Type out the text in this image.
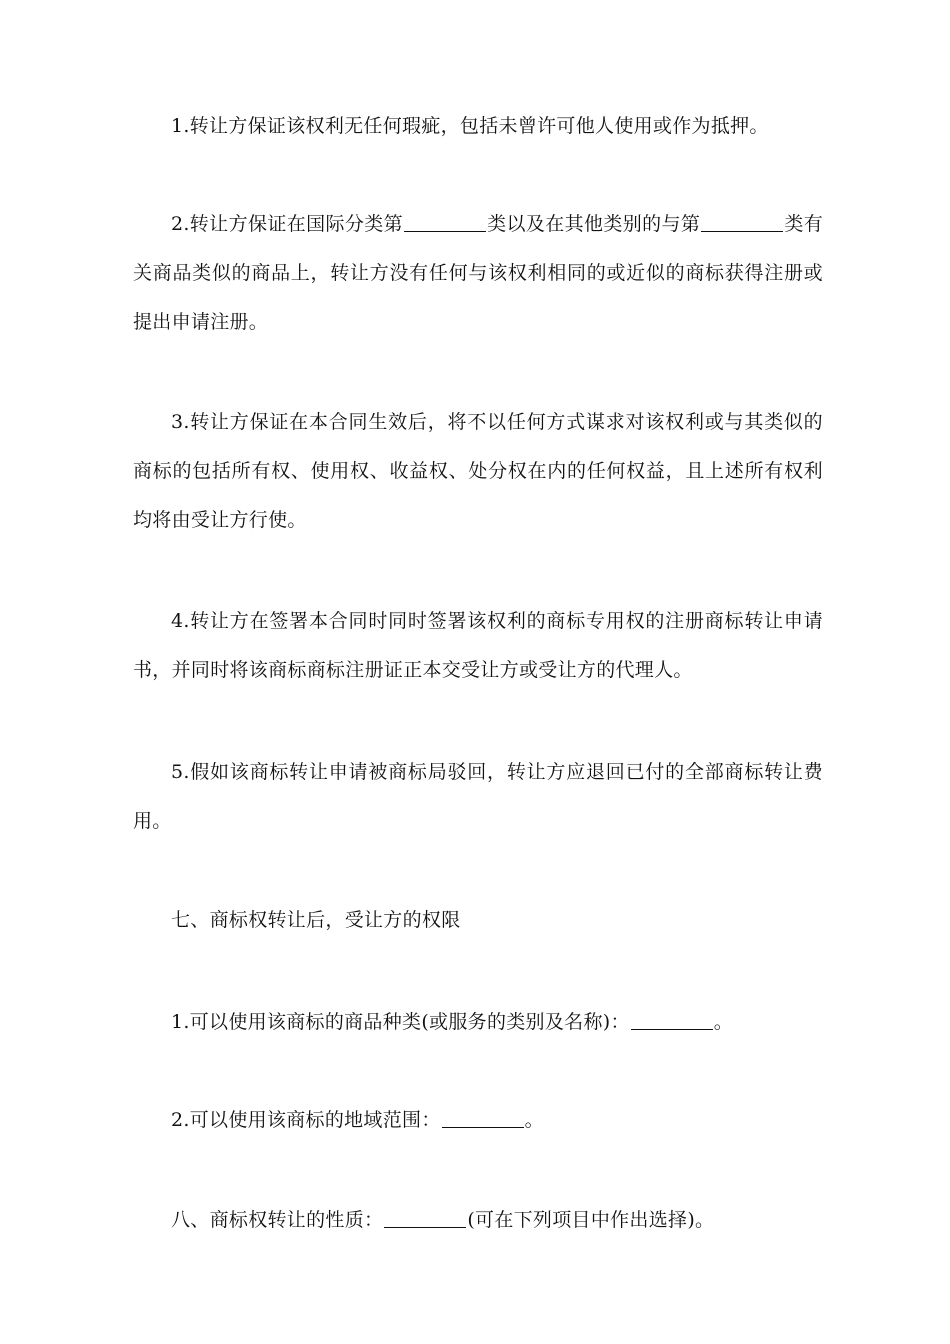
1.转让方保证该权利无任何瑕疵，包括未曾许可他人使用或作为抵押。

2.转让方保证在国际分类第	类以及在其他类别的与第	类有关商品类似的商品上，转让方没有任何与该权利相同的或近似的商标获得注册或提出申请注册。

3.转让方保证在本合同生效后，将不以任何方式谋求对该权利或与其类似的商标的包括所有权、使用权、收益权、处分权在内的任何权益，且上述所有权利均将由受让方行使。

4.转让方在签署本合同时同时签署该权利的商标专用权的注册商标转让申请书，并同时将该商标商标注册证正本交受让方或受让方的代理人。

5.假如该商标转让申请被商标局驳回，转让方应退回已付的全部商标转让费用。

七、商标权转让后，受让方的权限

1.可以使用该商标的商品种类(或服务的类别及名称)：	。

2.可以使用该商标的地域范围：	。

八、商标权转让的性质：	(可在下列项目中作出选择)。
